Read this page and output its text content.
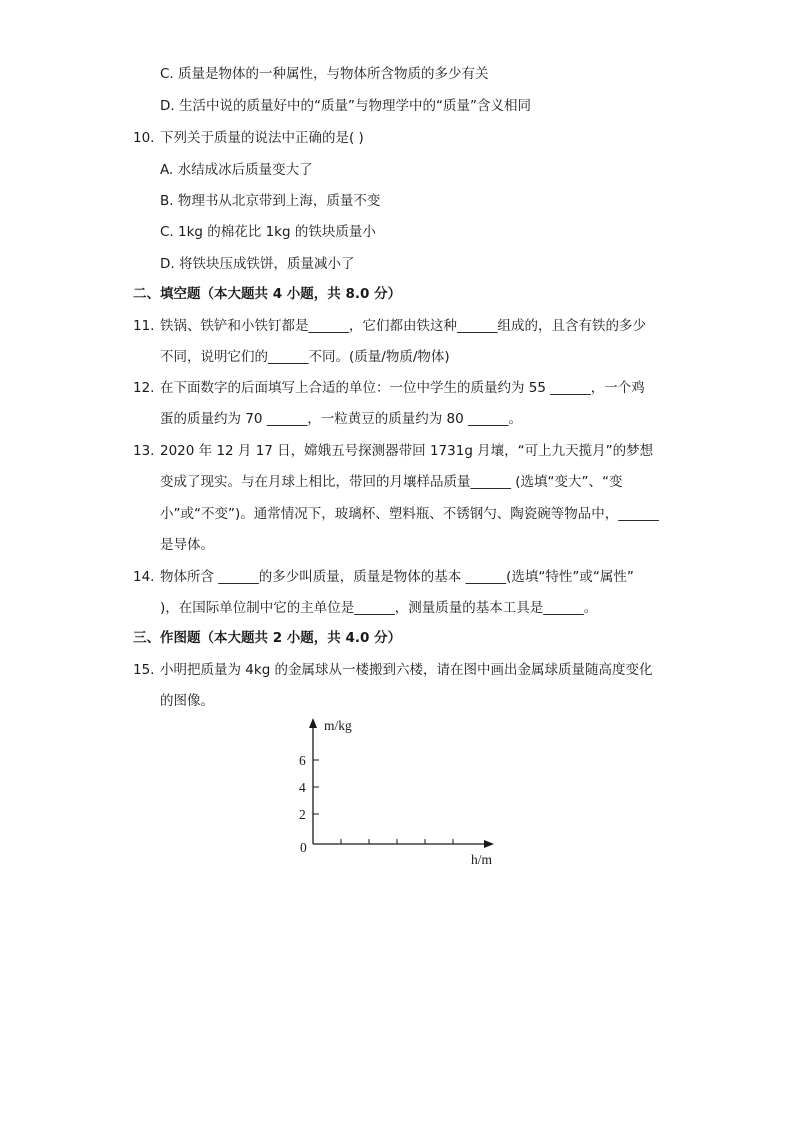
C. 质量是物体的一种属性，与物体所含物质的多少有关
D. 生活中说的质量好中的“质量”与物理学中的“质量”含义相同
10. 下列关于质量的说法中正确的是( )
A. 水结成冰后质量变大了
B. 物理书从北京带到上海，质量不变
C. 1kg 的棉花比 1kg 的铁块质量小
D. 将铁块压成铁饼，质量减小了
二、填空题（本大题共 4 小题，共 8.0 分）
11. 铁锅、铁铲和小铁钉都是______，它们都由铁这种______组成的，且含有铁的多少
不同，说明它们的______不同。(质量/物质/物体)
12. 在下面数字的后面填写上合适的单位：一位中学生的质量约为 55 ______，一个鸡
蛋的质量约为 70 ______，一粒黄豆的质量约为 80 ______。
13. 2020 年 12 月 17 日，嫦娥五号探测器带回 1731g 月壤，“可上九天揽月”的梦想
变成了现实。与在月球上相比，带回的月壤样品质量______ (选填“变大”、“变
小”或“不变”)。通常情况下，玻璃杯、塑料瓶、不锈钢勺、陶瓷碗等物品中，______
是导体。
14. 物体所含 ______的多少叫质量，质量是物体的基本 ______(选填“特性”或“属性”
)，在国际单位制中它的主单位是______，测量质量的基本工具是______。
三、作图题（本大题共 2 小题，共 4.0 分）
15. 小明把质量为 4kg 的金属球从一楼搬到六楼，请在图中画出金属球质量随高度变化
的图像。
m/kg
h/m
0
2
4
6
